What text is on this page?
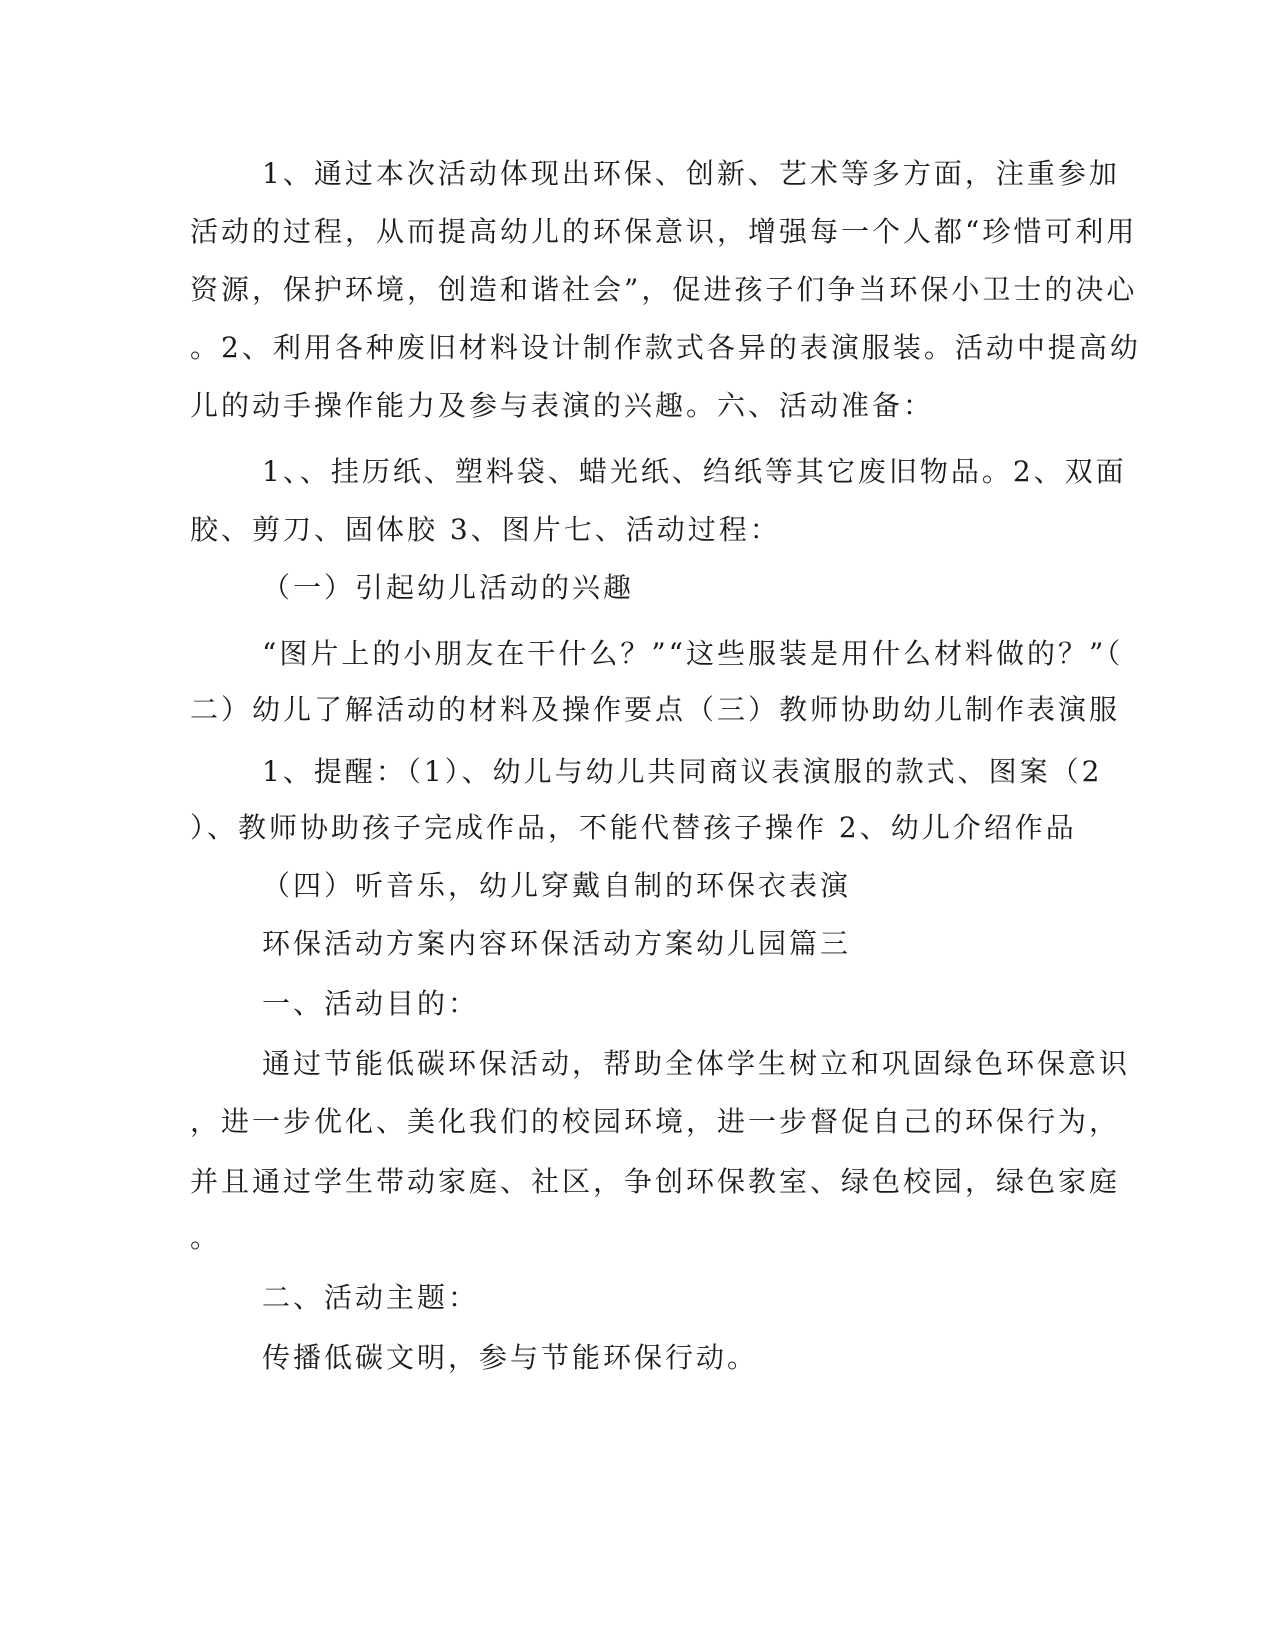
1、通过本次活动体现出环保、创新、艺术等多方面，注重参加
活动的过程，从而提高幼儿的环保意识，增强每一个人都“珍惜可利用
资源，保护环境，创造和谐社会”，促进孩子们争当环保小卫士的决心
。2、利用各种废旧材料设计制作款式各异的表演服装。活动中提高幼
儿的动手操作能力及参与表演的兴趣。六、活动准备：
1、、挂历纸、塑料袋、蜡光纸、绉纸等其它废旧物品。2、双面
胶、剪刀、固体胶 3、图片七、活动过程：
（一）引起幼儿活动的兴趣
“图片上的小朋友在干什么？”“这些服装是用什么材料做的？”（
二）幼儿了解活动的材料及操作要点（三）教师协助幼儿制作表演服
1、提醒：（1）、幼儿与幼儿共同商议表演服的款式、图案（2
）、教师协助孩子完成作品，不能代替孩子操作 2、幼儿介绍作品
（四）听音乐，幼儿穿戴自制的环保衣表演
环保活动方案内容环保活动方案幼儿园篇三
一、活动目的：
通过节能低碳环保活动，帮助全体学生树立和巩固绿色环保意识
，进一步优化、美化我们的校园环境，进一步督促自己的环保行为，
并且通过学生带动家庭、社区，争创环保教室、绿色校园，绿色家庭
。
二、活动主题：
传播低碳文明，参与节能环保行动。
